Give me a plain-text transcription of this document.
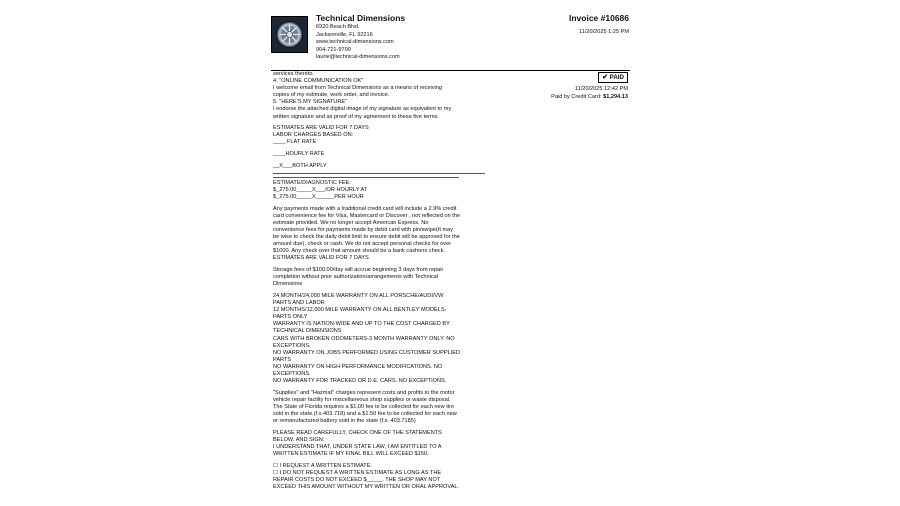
Technical Dimensions
6920 Beach Blvd.
Jacksonville, FL 32216
www.technical-dimensions.com
904-721-9700
laurie@technical-dimensions.com
Invoice #10686
11/20/2025 1:25 PM
✔ PAID
11/20/2025 12:42 PM
Paid by Credit Card: $1,294.13

services thereto.

4. "ONLINE COMMUNICATION OK"

I welcome email from Technical Dimensions as a means of receiving

copies of my estimate, work order, and invoice.

5. "HERE'S MY SIGNATURE"

I endorse the attached digital image of my signature as equivalent to my

written signature and as proof of my agreement to these five terms.

ESTIMATES ARE VALID FOR 7 DAYS

LABOR CHARGES BASED ON:

____ FLAT RATE

____HOURLY RATE

__X___BOTH APPLY

ESTIMATE/DIAGNOSTIC FEE:

$_275.00_____X___/OR HOURLY AT

$_275.00_____X______PER HOUR

Any payments made with a traditional credit card will include a 2.9% credit

card convenience fee for Visa, Mastercard or Discover , not reflected on the

estimate provided. We no longer accept American Express. No

convenience fees for payments made by debit card with pin/swipe(It may

be wise to check the daily debit limit to ensure debit will be approved for the

amount due), check or cash. We do not accept personal checks for over

$1000. Any check over that amount should be a bank cashiers check.

ESTIMATES ARE VALID FOR 7 DAYS

Storage fees of $100.00/day will accrue beginning 3 days from repair

completion without prior authorization/arrangements with Technical

Dimensions

24 MONTH/24,000 MILE WARRANTY ON ALL PORSCHE/AUDI/VW

PARTS AND LABOR

12 MONTHS/12,000 MILE WARRANTY ON ALL BENTLEY MODELS-

PARTS ONLY

WARRANTY IS NATION-WIDE AND UP TO THE COST CHARGED BY

TECHNICAL DIMENSIONS

CARS WITH BROKEN ODOMETERS-3 MONTH WARRANTY ONLY. NO

EXCEPTIONS.

NO WARRANTY ON JOBS PERFORMED USING CUSTOMER SUPPLIED

PARTS

NO WARRANTY ON HIGH PERFORMANCE MODIFICATIONS. NO

EXCEPTIONS.

NO WARRANTY FOR TRACKED OR D.E. CARS. NO EXCEPTIONS.

"Supplies" and "Hazmat" charges represent costs and profits to the motor

vehicle repair facility for miscellaneous shop supplies or waste disposal.

The State of Florida requires a $1.00 fee to be collected for each new tire

sold in the state.(f.s.403.718) and a $1.50 fee to be collected for each new

or remanufactured battery sold in the state (f.s. 403.7185)

PLEASE READ CAREFULLY, CHECK ONE OF THE STATEMENTS

BELOW, AND SIGN:

I UNDERSTAND THAT, UNDER STATE LAW, I AM ENTITLED TO A

WRITTEN ESTIMATE IF MY FINAL BILL WILL EXCEED $150.

☐ I REQUEST A WRITTEN ESTIMATE.

☐ I DO NOT REQUEST A WRITTEN ESTIMATE AS LONG AS THE

REPAIR COSTS DO NOT EXCEED $_____. THE SHOP MAY NOT

EXCEED THIS AMOUNT WITHOUT MY WRITTEN OR ORAL APPROVAL.
